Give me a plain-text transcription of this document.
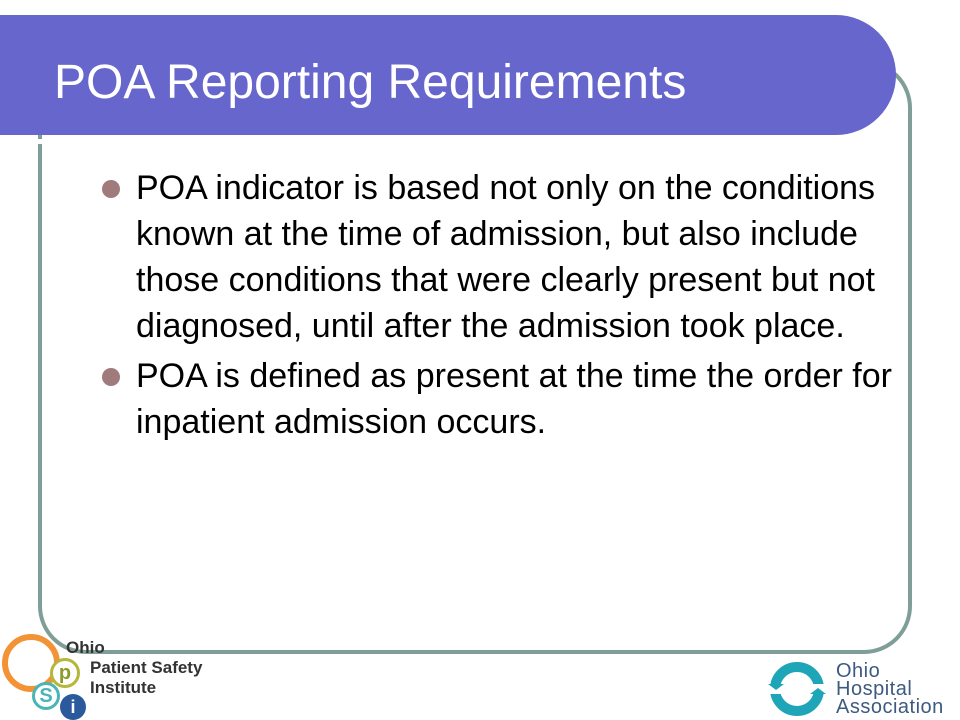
POA Reporting Requirements
POA indicator is based not only on the conditions known at the time of admission, but also include those conditions that were clearly present but not diagnosed, until after the admission took place.
POA is defined as present at the time the order for inpatient admission occurs.
p
S i
Ohio
Patient Safety
Institute
Ohio
Hospital
Association
